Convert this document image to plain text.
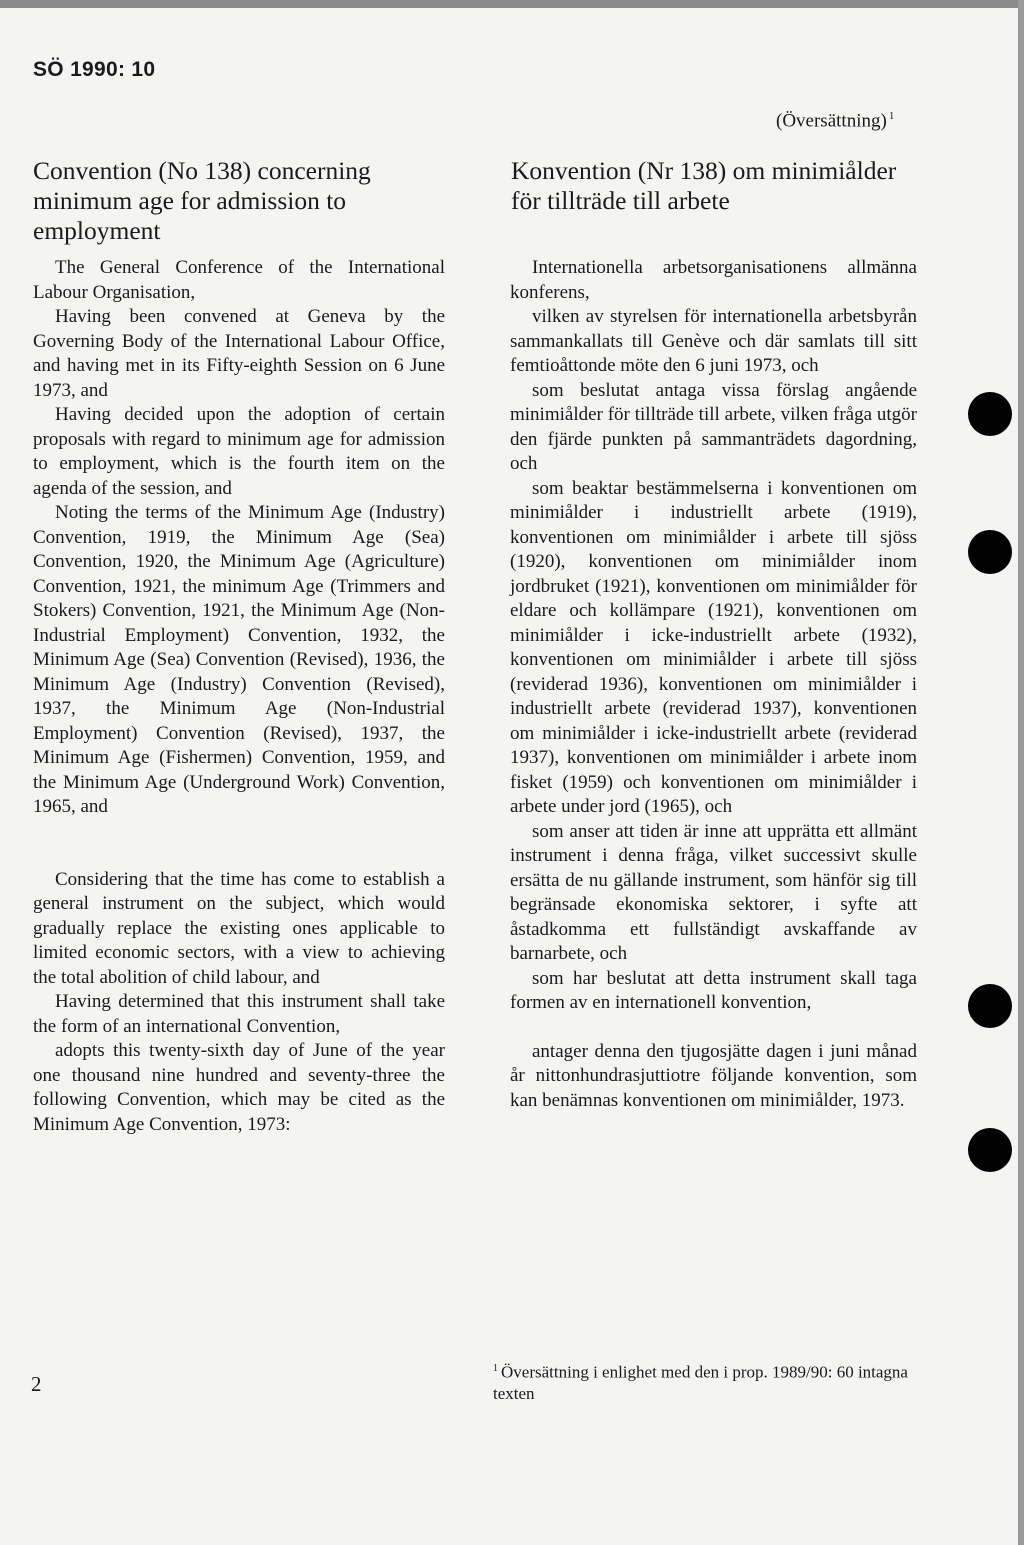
SÖ 1990: 10
(Översättning) $^1$
Convention (No 138) concerning minimum age for admission to employment
Konvention (Nr 138) om minimiålder för tillträde till arbete

The General Conference of the International Labour Organisation,

Having been convened at Geneva by the Governing Body of the International Labour Office, and having met in its Fifty-eighth Session on 6 June 1973, and

Having decided upon the adoption of certain proposals with regard to minimum age for admission to employment, which is the fourth item on the agenda of the session, and

Noting the terms of the Minimum Age (Industry) Convention, 1919, the Minimum Age (Sea) Convention, 1920, the Minimum Age (Agriculture) Convention, 1921, the minimum Age (Trimmers and Stokers) Convention, 1921, the Minimum Age (Non-Industrial Employment) Convention, 1932, the Minimum Age (Sea) Convention (Revised), 1936, the Minimum Age (Industry) Convention (Revised), 1937, the Minimum Age (Non-Industrial Employment) Convention (Revised), 1937, the Minimum Age (Fishermen) Convention, 1959, and the Minimum Age (Underground Work) Convention, 1965, and

Considering that the time has come to establish a general instrument on the subject, which would gradually replace the existing ones applicable to limited economic sectors, with a view to achieving the total abolition of child labour, and

Having determined that this instrument shall take the form of an international Convention,

adopts this twenty-sixth day of June of the year one thousand nine hundred and seventy-three the following Convention, which may be cited as the Minimum Age Convention, 1973:

Internationella arbetsorganisationens allmänna konferens,

vilken av styrelsen för internationella arbetsbyrån sammankallats till Genève och där samlats till sitt femtioåttonde möte den 6 juni 1973, och

som beslutat antaga vissa förslag angående minimiålder för tillträde till arbete, vilken fråga utgör den fjärde punkten på sammanträdets dagordning, och

som beaktar bestämmelserna i konventionen om minimiålder i industriellt arbete (1919), konventionen om minimiålder i arbete till sjöss (1920), konventionen om minimiålder inom jordbruket (1921), konventionen om minimiålder för eldare och kollämpare (1921), konventionen om minimiålder i icke-industriellt arbete (1932), konventionen om minimiålder i arbete till sjöss (reviderad 1936), konventionen om minimiålder i industriellt arbete (reviderad 1937), konventionen om minimiålder i icke-industriellt arbete (reviderad 1937), konventionen om minimiålder i arbete inom fisket (1959) och konventionen om minimiålder i arbete under jord (1965), och

som anser att tiden är inne att upprätta ett allmänt instrument i denna fråga, vilket successivt skulle ersätta de nu gällande instrument, som hänför sig till begränsade ekonomiska sektorer, i syfte att åstadkomma ett fullständigt avskaffande av barnarbete, och

som har beslutat att detta instrument skall taga formen av en internationell konvention,

antager denna den tjugosjätte dagen i juni månad år nittonhundrasjuttiotre följande konvention, som kan benämnas konventionen om minimiålder, 1973.

2
$^1$ Översättning i enlighet med den i prop. 1989/90: 60 intagna texten
